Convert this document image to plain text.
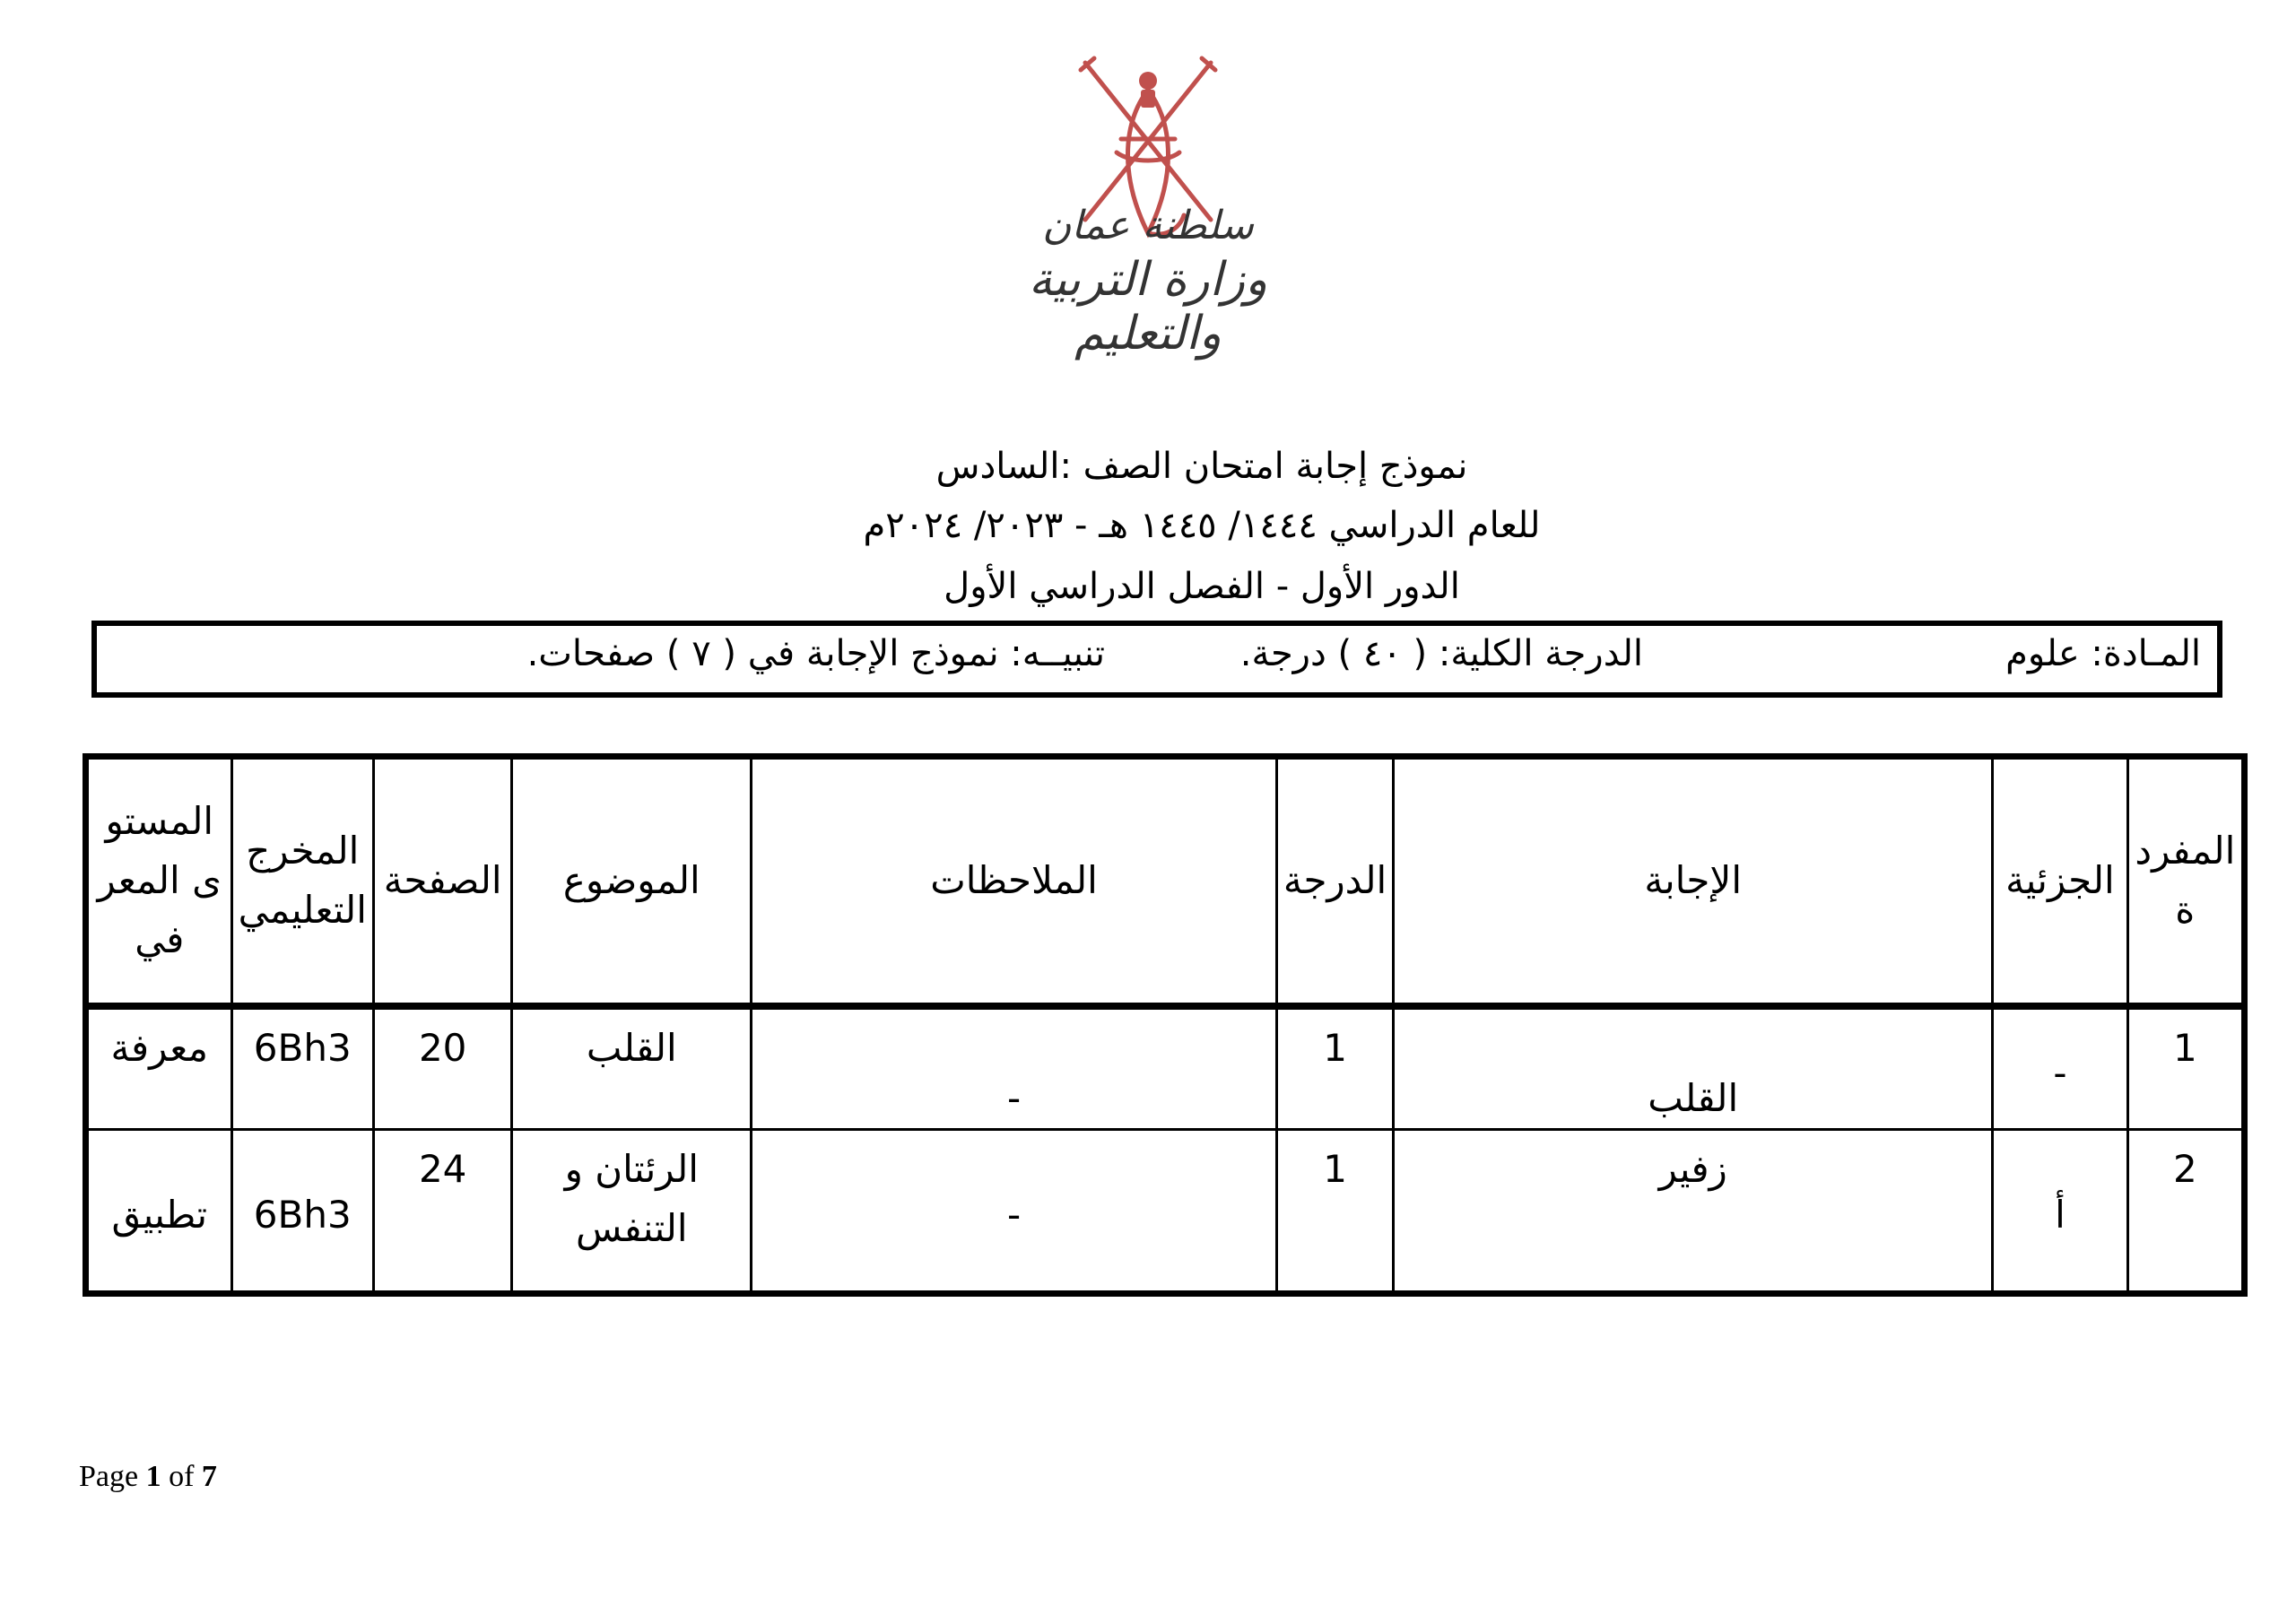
سلطنة عمان
وزارة التربية والتعليم
نموذج إجابة امتحان الصف :السادس
للعام الدراسي ١٤٤٤/ ١٤٤٥ هـ - ٢٠٢٣/ ٢٠٢٤م
الدور الأول - الفصل الدراسي الأول
المـادة: علوم
الدرجة الكلية: ( ٤٠ ) درجة.
تنبيــه: نموذج الإجابة في ( ٧ ) صفحات.
المفردة	الجزئية	الإجابة	الدرجة	الملاحظات	الموضوع	الصفحة	المخرج التعليمي	المستوى المعرفي
1	-	القلب	1	-	القلب	20	6Bh3	معرفة
2	أ	زفير	1	-	الرئتان و التنفس	24	6Bh3	تطبيق
Page 1 of 7
